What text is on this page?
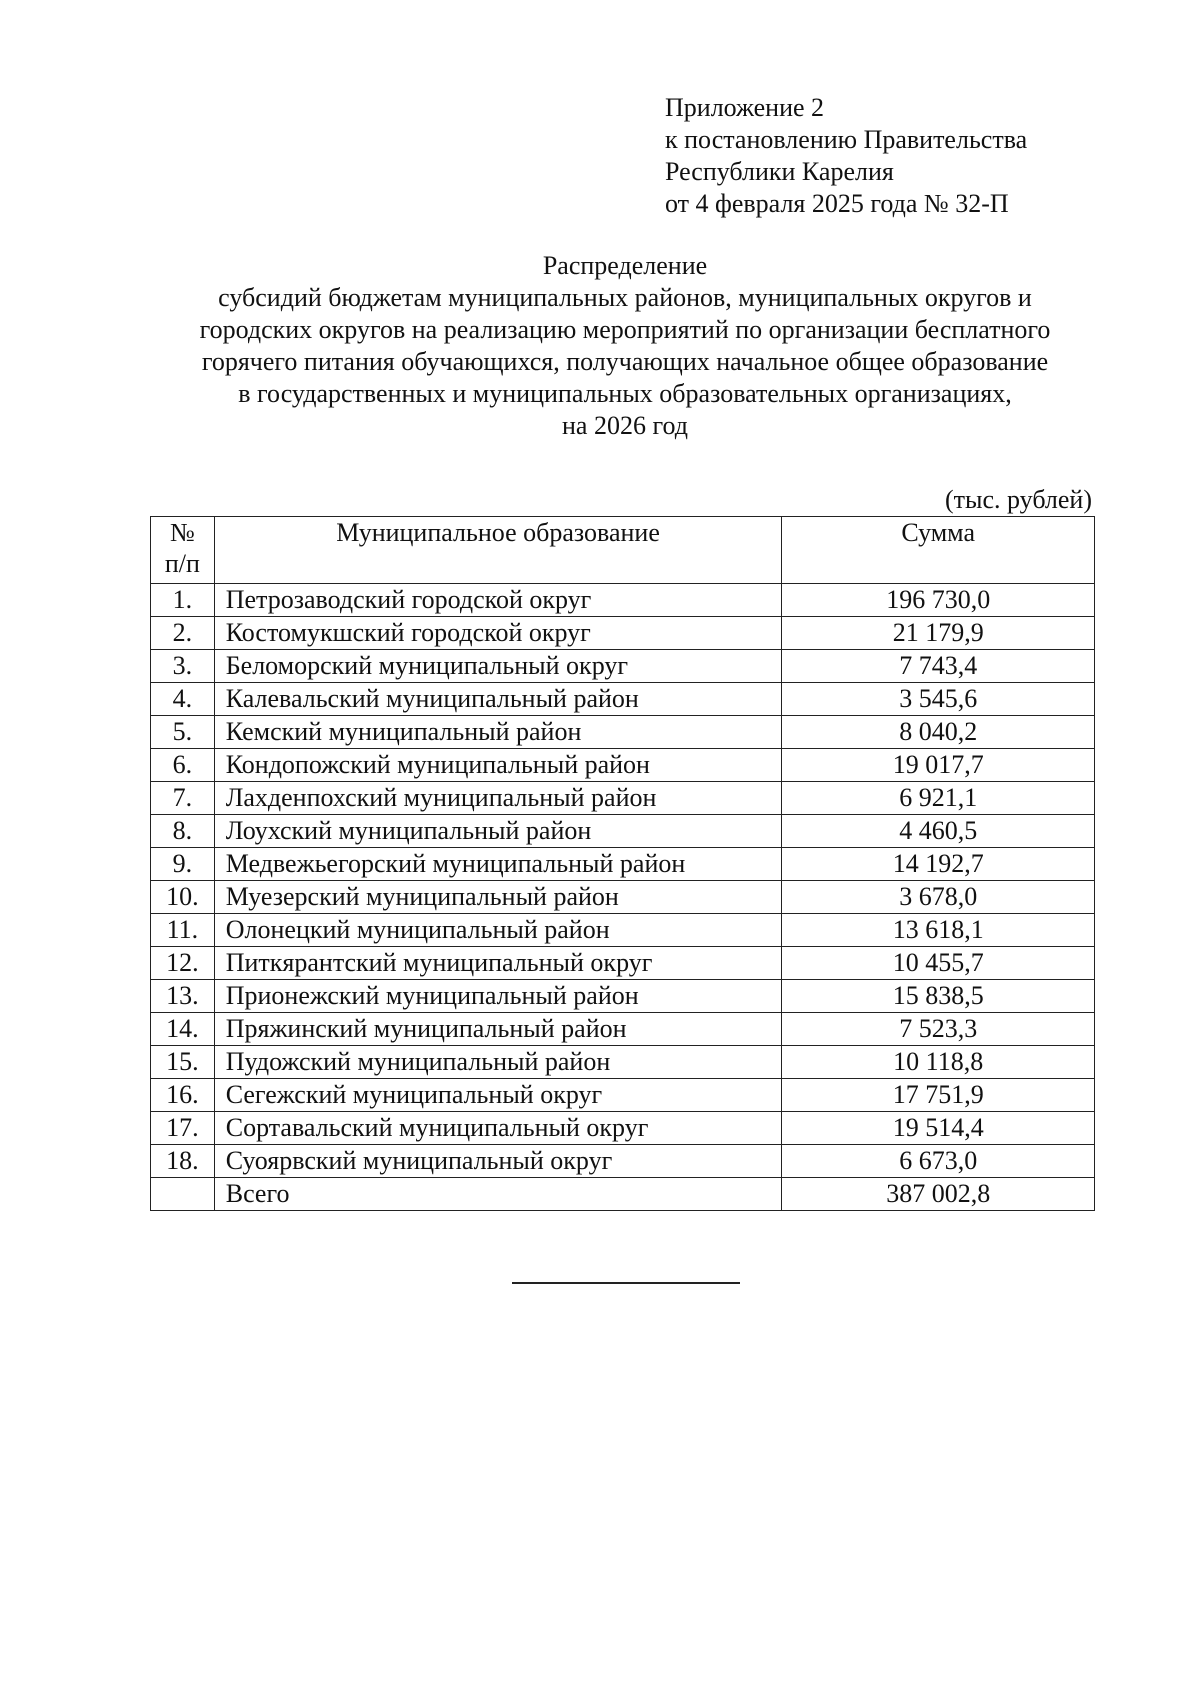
Приложение 2
к постановлению Правительства
Республики Карелия
от 4 февраля 2025 года № 32-П
Распределение
субсидий бюджетам муниципальных районов, муниципальных округов и
городских округов на реализацию мероприятий по организации бесплатного
горячего питания обучающихся, получающих начальное общее образование
в государственных и муниципальных образовательных организациях,
на 2026 год
(тыс. рублей)
№
п/п	Муниципальное образование	Сумма
1.	Петрозаводский городской округ	196 730,0
2.	Костомукшский городской округ	21 179,9
3.	Беломорский муниципальный округ	7 743,4
4.	Калевальский муниципальный район	3 545,6
5.	Кемский муниципальный район	8 040,2
6.	Кондопожский муниципальный район	19 017,7
7.	Лахденпохский муниципальный район	6 921,1
8.	Лоухский муниципальный район	4 460,5
9.	Медвежьегорский муниципальный район	14 192,7
10.	Муезерский муниципальный район	3 678,0
11.	Олонецкий муниципальный район	13 618,1
12.	Питкярантский муниципальный округ	10 455,7
13.	Прионежский муниципальный район	15 838,5
14.	Пряжинский муниципальный район	7 523,3
15.	Пудожский муниципальный район	10 118,8
16.	Сегежский муниципальный округ	17 751,9
17.	Сортавальский муниципальный округ	19 514,4
18.	Суоярвский муниципальный округ	6 673,0
	Всего	387 002,8
